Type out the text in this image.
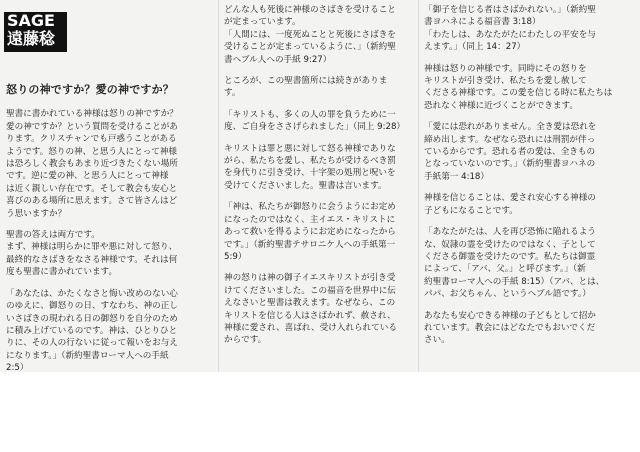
SAGE
遠藤稔
怒りの神ですか？愛の神ですか？

聖書に書かれている神様は怒りの神ですか？
愛の神ですか？という質問を受けることがあ
ります。クリスチャンでも戸惑うことがある
ようです。怒りの神、と思う人にとって神様
は恐ろしく教会もあまり近づきたくない場所
です。逆に愛の神、と思う人にとって神様
は近く親しい存在です。そして教会も安心と
喜びのある場所に思えます。さて皆さんはど
う思いますか？

聖書の答えは両方です。
まず、神様は明らかに罪や悪に対して怒り、
最終的なさばきをなさる神様です。それは何
度も聖書に書かれています。

「あなたは、かたくなさと悔い改めのない心
のゆえに、御怒りの日、すなわち、神の正し
いさばきの現われる日の御怒りを自分のため
に積み上げているのです。神は、ひとりひと
りに、その人の行ないに従って報いをお与え
になります。」（新約聖書ローマ人への手紙
2:5）

どんな人も死後に神様のさばきを受けること
が定まっています。
「人間には、一度死ぬことと死後にさばきを
受けることが定まっているように、」（新約聖
書ヘブル人への手紙 9:27）

ところが、この聖書箇所には続きがありま
す。

「キリストも、多くの人の罪を負うために一
度、ご自身をささげられました」（同上 9:28）

キリストは罪と悪に対して怒る神様でありな
がら、私たちを愛し、私たちが受けるべき罰
を身代りに引き受け、十字架の処刑と呪いを
受けてくださいました。聖書は言います。

「神は、私たちが御怒りに会うようにお定め
になったのではなく、主イエス・キリストに
あって救いを得るようにお定めになったから
です。」（新約聖書テサロニケ人への手紙第一
5:9）

神の怒りは神の御子イエスキリストが引き受
けてくださいました。この福音を世界中に伝
えなさいと聖書は教えます。なぜなら、この
キリストを信じる人はさばかれず、赦され、
神様に愛され、喜ばれ、受け入れられている
からです。

「御子を信じる者はさばかれない。」（新約聖
書ヨハネによる福音書 3:18）
「わたしは、あなたがたにわたしの平安を与
えます。」（同上 14：27）

神様は怒りの神様です。同時にその怒りを
キリストが引き受け、私たちを愛し赦して
くださる神様です。この愛を信じる時に私たちは
恐れなく神様に近づくことができます。

「愛には恐れがありません。全き愛は恐れを
締め出します。なぜなら恐れには刑罰が伴っ
ているからです。恐れる者の愛は、全きもの
となっていないのです。」（新約聖書ヨハネの
手紙第一 4:18）

神様を信じることは、愛され安心する神様の
子どもになることです。

「あなたがたは、人を再び恐怖に陥れるよう
な、奴隷の霊を受けたのではなく、子として
くださる御霊を受けたのです。私たちは御霊
によって、「アバ、父。」と呼びます。」（新
約聖書ローマ人への手紙 8:15）（アバ、とは、
パパ、お父ちゃん、というヘブル語です。）

あなたも安心できる神様の子どもとして招か
れています。教会にはどなたでもおいでくだ
さい。
